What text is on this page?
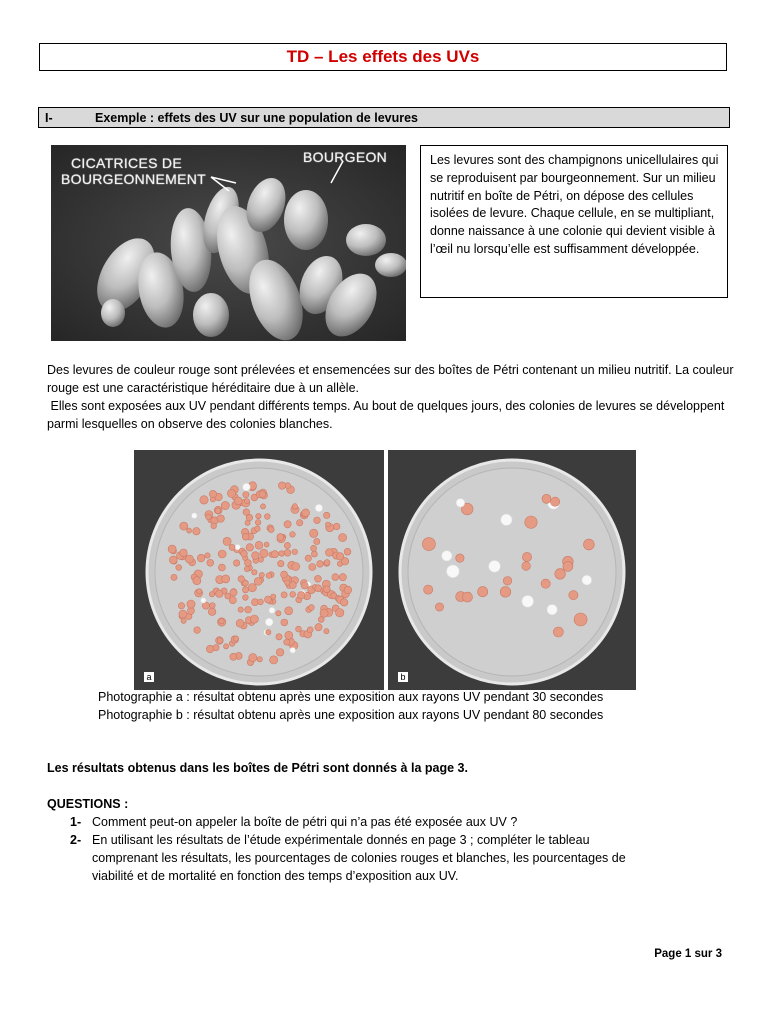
TD – Les effets des UVs
I-	Exemple : effets des UV sur une population de levures
CICATRICES DE
BOURGEONNEMENT
BOURGEON	Les levures sont des champignons unicellulaires qui se reproduisent par bourgeonnement. Sur un milieu nutritif en boîte de Pétri, on dépose des cellules isolées de levure. Chaque cellule, en se multipliant, donne naissance à une colonie qui devient visible à l’œil nu lorsqu’elle est suffisamment développée.

Des levures de couleur rouge sont prélevées et ensemencées sur des boîtes de Pétri contenant un milieu nutritif. La couleur rouge est une caractéristique héréditaire due à un allèle.

Elles sont exposées aux UV pendant différents temps. Au bout de quelques jours, des colonies de levures se développent parmi lesquelles on observe des colonies blanches.

a	b
Photographie a : résultat obtenu après une exposition aux rayons UV pendant 30 secondes
Photographie b : résultat obtenu après une exposition aux rayons UV pendant 80 secondes
Les résultats obtenus dans les boîtes de Pétri sont donnés à la page 3.
QUESTIONS :
1- Comment peut-on appeler la boîte de pétri qui n’a pas été exposée aux UV ?
2- En utilisant les résultats de l’étude expérimentale donnés en page 3 ; compléter le tableau comprenant les résultats, les pourcentages de colonies rouges et blanches, les pourcentages de viabilité et de mortalité en fonction des temps d’exposition aux UV.
Page 1 sur 3
